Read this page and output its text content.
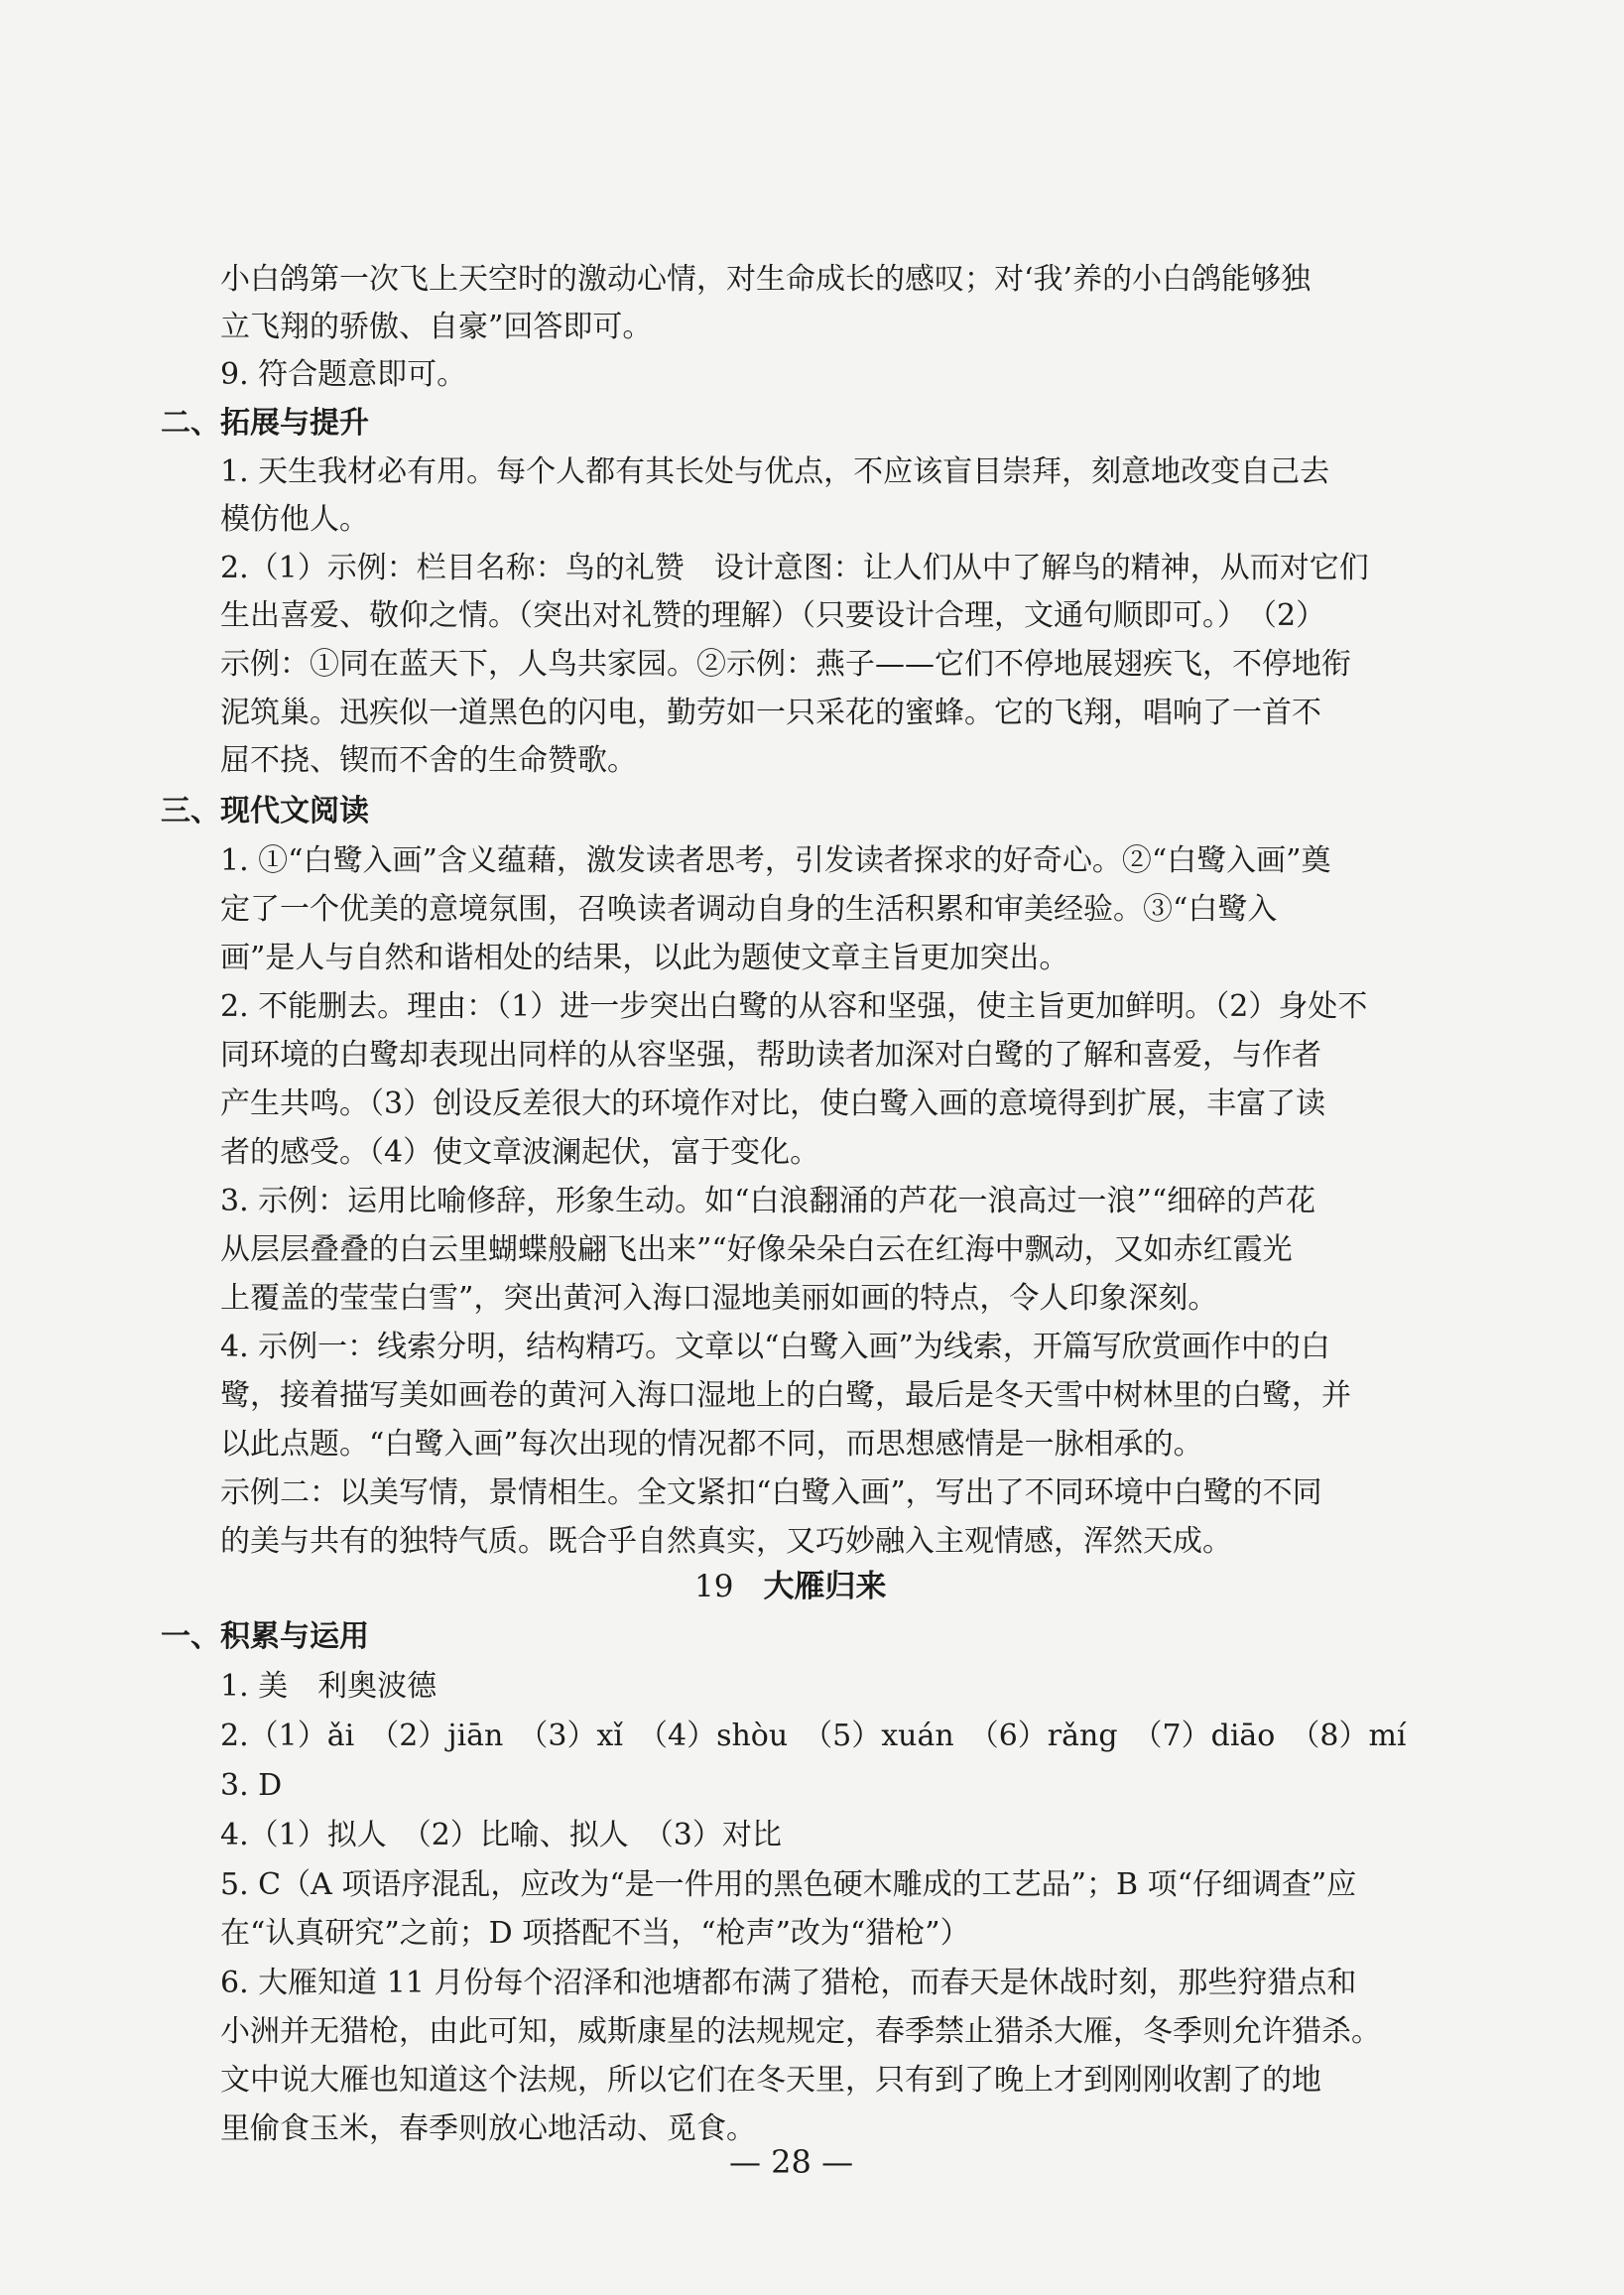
小白鸽第一次飞上天空时的激动心情，对生命成长的感叹；对‘我’养的小白鸽能够独
立飞翔的骄傲、自豪”回答即可。
9. 符合题意即可。
二、拓展与提升
1. 天生我材必有用。每个人都有其长处与优点，不应该盲目崇拜，刻意地改变自己去
模仿他人。
2.（1）示例：栏目名称：鸟的礼赞　设计意图：让人们从中了解鸟的精神，从而对它们
生出喜爱、敬仰之情。（突出对礼赞的理解）（只要设计合理，文通句顺即可。）　（2）
示例：①同在蓝天下，人鸟共家园。②示例：燕子——它们不停地展翅疾飞，不停地衔
泥筑巢。迅疾似一道黑色的闪电，勤劳如一只采花的蜜蜂。它的飞翔，唱响了一首不
屈不挠、锲而不舍的生命赞歌。
三、现代文阅读
1. ①“白鹭入画”含义蕴藉，激发读者思考，引发读者探求的好奇心。②“白鹭入画”奠
定了一个优美的意境氛围，召唤读者调动自身的生活积累和审美经验。③“白鹭入
画”是人与自然和谐相处的结果，以此为题使文章主旨更加突出。
2. 不能删去。理由：（1）进一步突出白鹭的从容和坚强，使主旨更加鲜明。（2）身处不
同环境的白鹭却表现出同样的从容坚强，帮助读者加深对白鹭的了解和喜爱，与作者
产生共鸣。（3）创设反差很大的环境作对比，使白鹭入画的意境得到扩展，丰富了读
者的感受。（4）使文章波澜起伏，富于变化。
3. 示例：运用比喻修辞，形象生动。如“白浪翻涌的芦花一浪高过一浪”“细碎的芦花
从层层叠叠的白云里蝴蝶般翩飞出来”“好像朵朵白云在红海中飘动，又如赤红霞光
上覆盖的莹莹白雪”，突出黄河入海口湿地美丽如画的特点，令人印象深刻。
4. 示例一：线索分明，结构精巧。文章以“白鹭入画”为线索，开篇写欣赏画作中的白
鹭，接着描写美如画卷的黄河入海口湿地上的白鹭，最后是冬天雪中树林里的白鹭，并
以此点题。“白鹭入画”每次出现的情况都不同，而思想感情是一脉相承的。
示例二：以美写情，景情相生。全文紧扣“白鹭入画”，写出了不同环境中白鹭的不同
的美与共有的独特气质。既合乎自然真实，又巧妙融入主观情感，浑然天成。
19 大雁归来
一、积累与运用
1. 美　利奥波德
2.（1）ǎi　（2）jiān　（3）xǐ　（4）shòu　（5）xuán　（6）rǎng　（7）diāo　（8）mí
3. D
4.（1）拟人　（2）比喻、拟人　（3）对比
5. C（A 项语序混乱，应改为“是一件用的黑色硬木雕成的工艺品”；B 项“仔细调查”应
在“认真研究”之前；D 项搭配不当，“枪声”改为“猎枪”）
6. 大雁知道 11 月份每个沼泽和池塘都布满了猎枪，而春天是休战时刻，那些狩猎点和
小洲并无猎枪，由此可知，威斯康星的法规规定，春季禁止猎杀大雁，冬季则允许猎杀。
文中说大雁也知道这个法规，所以它们在冬天里，只有到了晚上才到刚刚收割了的地
里偷食玉米，春季则放心地活动、觅食。
— 28 —
